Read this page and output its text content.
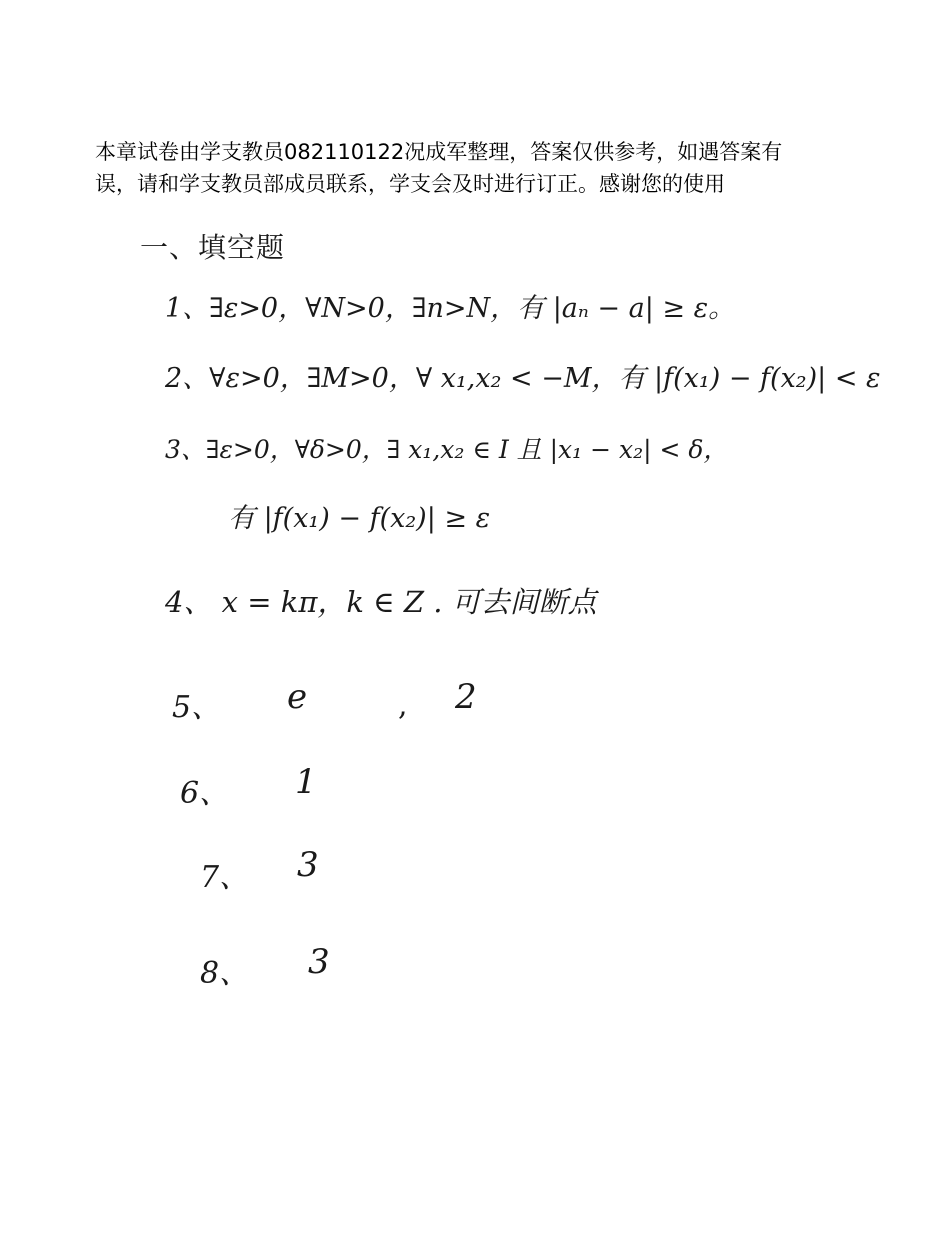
本章试卷由学支教员082110122况成军整理，答案仅供参考，如遇答案有
误，请和学支教员部成员联系，学支会及时进行订正。感谢您的使用

一、填空题
1、∃ε>0，∀N>0，∃n>N，有 |aₙ − a| ≥ ε。
2、∀ε>0，∃M>0，∀ x₁,x₂ < −M，有 |f(x₁) − f(x₂)| < ε
3、∃ε>0，∀δ>0，∃ x₁,x₂ ∈ I 且 |x₁ − x₂| < δ，
有 |f(x₁) − f(x₂)| ≥ ε
4、 x = kπ，k ∈ Z . 可去间断点
5、 e	, 2
6、 1
7、 3
8、 3
